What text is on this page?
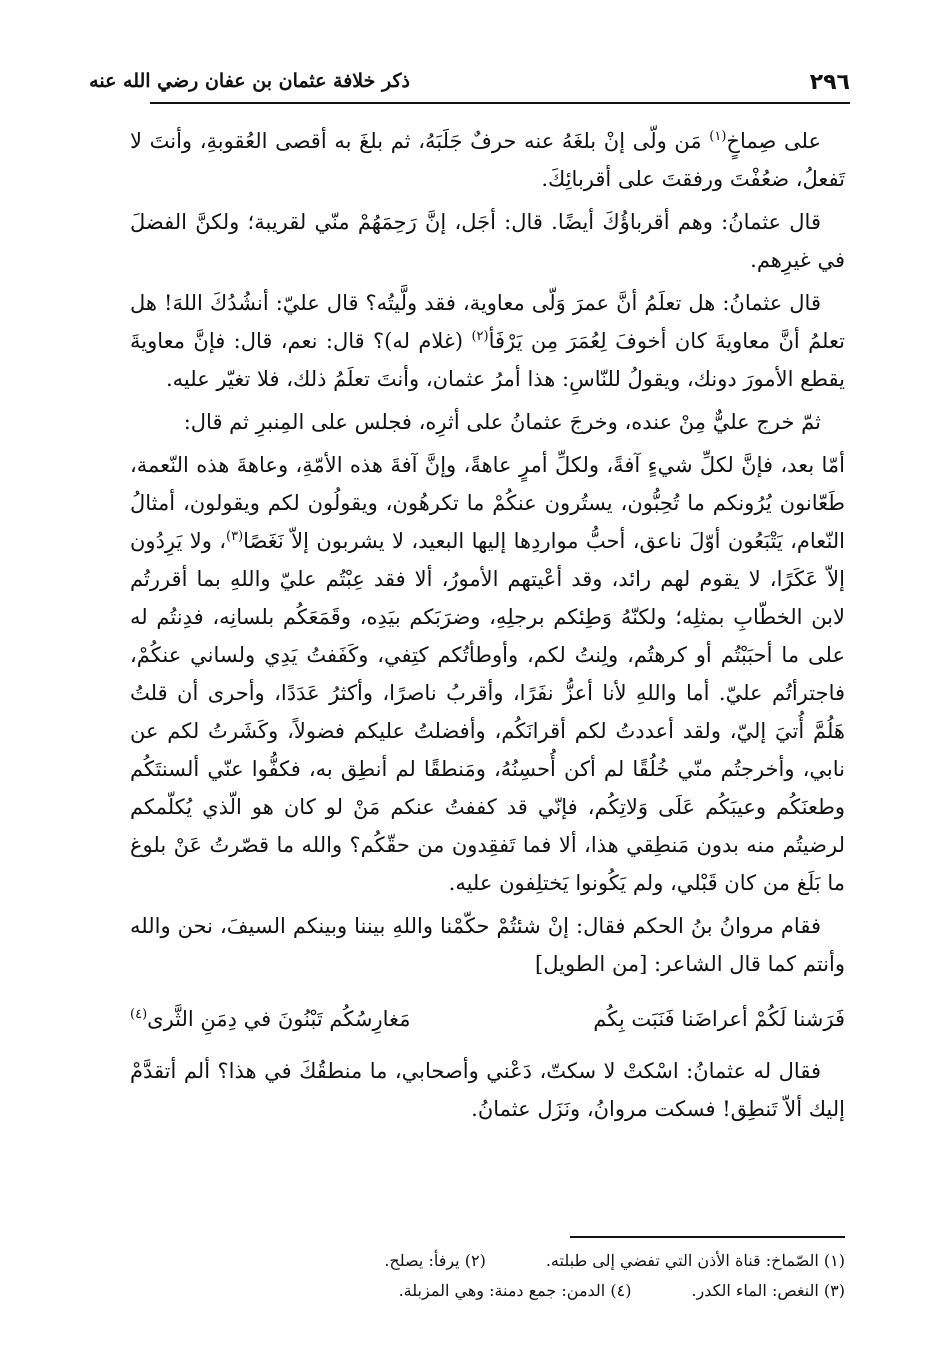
٢٩٦
ذكر خلافة عثمان بن عفان رضي الله عنه

على صِماخٍ$^{(١)}$ مَن ولّى إنْ بلغَهُ عنه حرفٌ جَلَبَهُ، ثم بلغَ به أقصى العُقوبةِ، وأنتَ لا تَفعلُ، ضعُفْتَ ورفقتَ على أقربائِكَ.

قال عثمانُ: وهم أقرباؤُكَ أيضًا. قال: أجَل، إنَّ رَحِمَهُمْ منّي لقريبة؛ ولكنَّ الفضلَ في غيرِهم.

قال عثمانُ: هل تعلَمُ أنَّ عمرَ وَلّى معاوية، فقد ولَّيتُه؟ قال عليّ: أنشُدُكَ اللهَ! هل تعلمُ أنَّ معاويةَ كان أخوفَ لِعُمَرَ مِن يَرْفَأ$^{(٢)}$ (غلام له)؟ قال: نعم، قال: فإنَّ معاويةَ يقطع الأمورَ دونك، ويقولُ للنّاسِ: هذا أمرُ عثمان، وأنتَ تعلَمُ ذلك، فلا تغيّر عليه.

ثمّ خرج عليٌّ مِنْ عنده، وخرجَ عثمانُ على أثرِه، فجلس على المِنبرِ ثم قال:

أمّا بعد، فإنَّ لكلِّ شيءٍ آفةً، ولكلِّ أمرٍ عاهةً، وإنَّ آفةَ هذه الأمّةِ، وعاهةَ هذه النّعمة، طَعّانون يُرُونكم ما تُحِبُّون، يستُرون عنكُمْ ما تكرهُون، ويقولُون لكم ويقولون، أمثالُ النّعام، يَتْبَعُون أوّلَ ناعق، أحبُّ مواردِها إليها البعيد، لا يشربون إلاّ نَغَصًا$^{(٣)}$، ولا يَرِدُون إلاّ عَكَرًا، لا يقوم لهم رائد، وقد أعْيتهم الأمورُ، ألا فقد عِبْتُم عليّ واللهِ بما أقررتُم لابن الخطّابِ بمثلِه؛ ولكنّهُ وَطِئكم برجلِهِ، وضرَبَكم بيَدِه، وقَمَعَكُم بلسانِه، فدِنتُم له على ما أحبَبْتُم أو كرهتُم، ولِنتُ لكم، وأوطأتُكم كتِفي، وكَفَفتُ يَدِي ولساني عنكُمْ، فاجترأتُم عليّ. أما واللهِ لأنا أعزُّ نفَرًا، وأقربُ ناصرًا، وأكثرُ عَدَدًا، وأحرى أن قلتُ هَلُمَّ أُتيَ إليّ، ولقد أعددتُ لكم أقرانَكُم، وأفضلتُ عليكم فضولاً، وكَشَرتُ لكم عن نابي، وأخرجتُم منّي خُلُقًا لم أكن أُحسِنُهُ، ومَنطقًا لم أنطِق به، فكفُّوا عنّي ألسنتَكُم وطعنَكُم وعيبَكُم عَلَى وَلاتِكُم، فإنّي قد كففتُ عنكم مَنْ لو كان هو الّذي يُكلّمكم لرضيتُم منه بدون مَنطِقي هذا، ألا فما تَفقِدون من حقّكُم؟ والله ما قصّرتُ عَنْ بلوغ ما بَلَغ من كان قَبْلي، ولم يَكُونوا يَختلِفون عليه.

فقام مروانُ بنُ الحكم فقال: إنْ شئتُمْ حكّمْنا واللهِ بيننا وبينكم السيفَ، نحن والله وأنتم كما قال الشاعر: [من الطويل]

فَرَشنا لَكُمْ أعراضَنا فَنَبَت بِكُم
مَغارِسُكُم تَبْنُونَ في دِمَنِ الثَّرى$^{(٤)}$

فقال له عثمانُ: اسْكتْ لا سكتّ، دَعْني وأصحابي، ما منطقُكَ في هذا؟ ألم أتقدَّمْ إليك ألاّ تَنطِق! فسكت مروانُ، ونَزَل عثمانُ.

(١) الصّماخ: قناة الأذن التي تفضي إلى طبلته.
(٢) يرفأ: يصلح.
(٣) النغص: الماء الكدر.
(٤) الدمن: جمع دمنة: وهي المزبلة.
